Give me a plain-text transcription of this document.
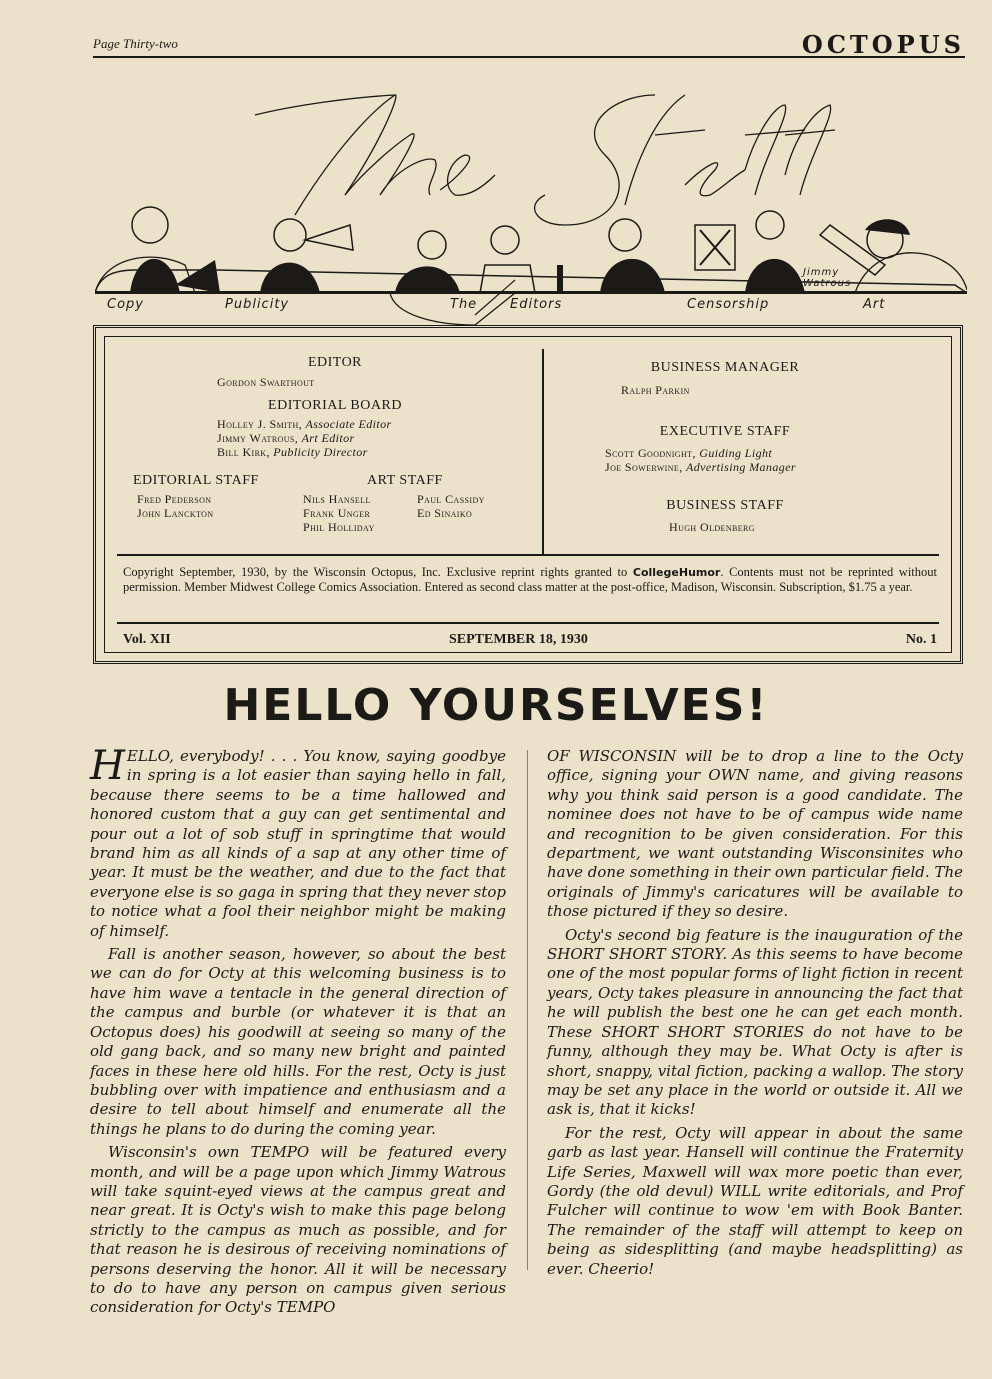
Page Thirty-two	OCTOPUS
Copy	Publicity	The	Editors	Censorship	Art
Jimmy Watrous
EDITOR
Gordon Swarthout
EDITORIAL BOARD
Holley J. Smith, Associate Editor
Jimmy Watrous, Art Editor
Bill Kirk, Publicity Director
EDITORIAL STAFF
Fred Pederson
John Lanckton
ART STAFF
Nils Hansell	Paul Cassidy
Frank Unger	Ed Sinaiko
Phil Holliday
BUSINESS MANAGER
Ralph Parkin
EXECUTIVE STAFF
Scott Goodnight, Guiding Light
Joe Sowerwine, Advertising Manager
BUSINESS STAFF
Hugh Oldenberg
Copyright September, 1930, by the Wisconsin Octopus, Inc. Exclusive reprint rights granted to CollegeHumor. Contents must not be reprinted without permission. Member Midwest College Comics Association. Entered as second class matter at the post-office, Madison, Wisconsin. Subscription, $1.75 a year.
Vol. XII	SEPTEMBER 18, 1930	No. 1
HELLO YOURSELVES!

HELLO, everybody! . . . You know, saying goodbye in spring is a lot easier than saying hello in fall, because there seems to be a time hallowed and honored custom that a guy can get sentimental and pour out a lot of sob stuff in springtime that would brand him as all kinds of a sap at any other time of year. It must be the weather, and due to the fact that everyone else is so gaga in spring that they never stop to notice what a fool their neighbor might be making of himself.

Fall is another season, however, so about the best we can do for Octy at this welcoming business is to have him wave a tentacle in the general direction of the campus and burble (or whatever it is that an Octopus does) his goodwill at seeing so many of the old gang back, and so many new bright and painted faces in these here old hills. For the rest, Octy is just bubbling over with impatience and enthusiasm and a desire to tell about himself and enumerate all the things he plans to do during the coming year.

Wisconsin's own TEMPO will be featured every month, and will be a page upon which Jimmy Watrous will take squint-eyed views at the campus great and near great. It is Octy's wish to make this page belong strictly to the campus as much as possible, and for that reason he is desirous of receiving nominations of persons deserving the honor. All it will be necessary to do to have any person on campus given serious consideration for Octy's TEMPO

OF WISCONSIN will be to drop a line to the Octy office, signing your OWN name, and giving reasons why you think said person is a good candidate. The nominee does not have to be of campus wide name and recognition to be given consideration. For this department, we want outstanding Wisconsinites who have done something in their own particular field. The originals of Jimmy's caricatures will be available to those pictured if they so desire.

Octy's second big feature is the inauguration of the SHORT SHORT STORY. As this seems to have become one of the most popular forms of light fiction in recent years, Octy takes pleasure in announcing the fact that he will publish the best one he can get each month. These SHORT SHORT STORIES do not have to be funny, although they may be. What Octy is after is short, snappy, vital fiction, packing a wallop. The story may be set any place in the world or outside it. All we ask is, that it kicks!

For the rest, Octy will appear in about the same garb as last year. Hansell will continue the Fraternity Life Series, Maxwell will wax more poetic than ever, Gordy (the old devul) WILL write editorials, and Prof Fulcher will continue to wow 'em with Book Banter. The remainder of the staff will attempt to keep on being as sidesplitting (and maybe headsplitting) as ever. Cheerio!
